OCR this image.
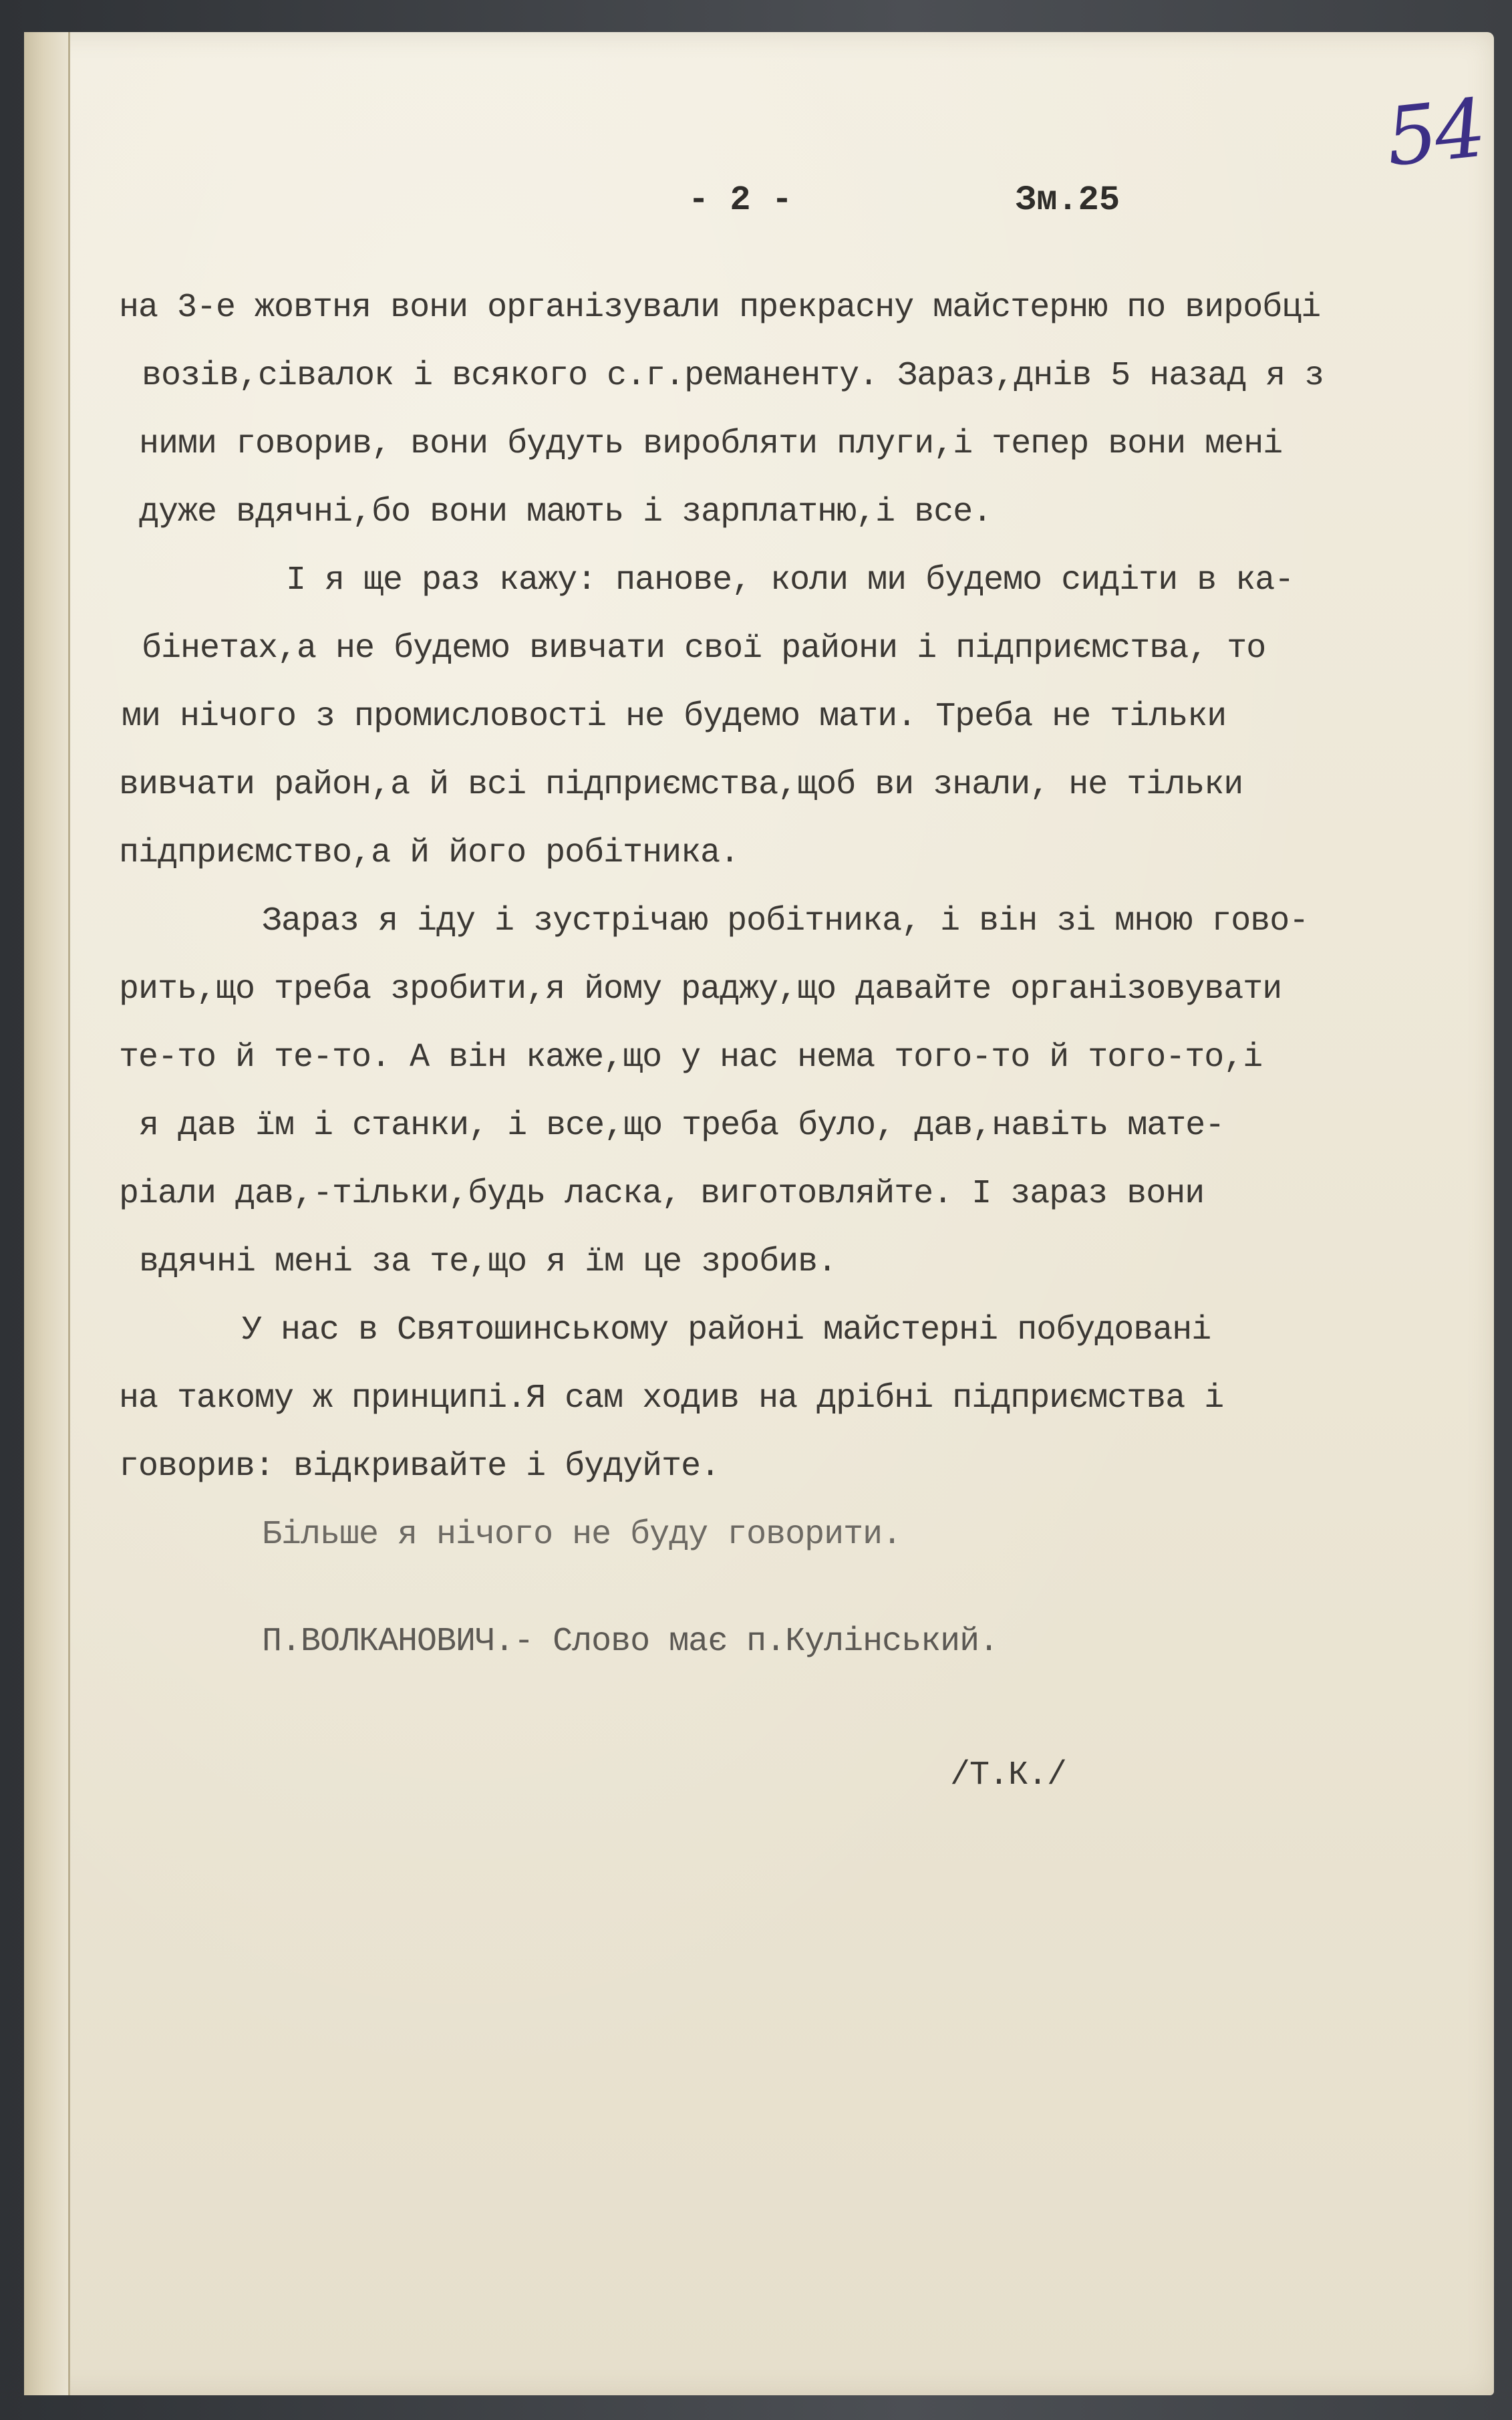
54
- 2 -	Зм.25
на 3-е жовтня вони організували прекрасну майстерню по виробці
возів,сівалок і всякого с.г.реманенту. Зараз,днів 5 назад я з
ними говорив, вони будуть виробляти плуги,і тепер вони мені
дуже вдячні,бо вони мають і зарплатню,і все.
І я ще раз кажу: панове, коли ми будемо сидіти в ка-
бінетах,а не будемо вивчати свої райони і підприємства, то
ми нічого з промисловості не будемо мати. Треба не тільки
вивчати район,а й всі підприємства,щоб ви знали, не тільки
підприємство,а й його робітника.
Зараз я іду і зустрічаю робітника, і він зі мною гово-
рить,що треба зробити,я йому раджу,що давайте організовувати
те-то й те-то. А він каже,що у нас нема того-то й того-то,і
я дав їм і станки, і все,що треба було, дав,навіть мате-
ріали дав,-тільки,будь ласка, виготовляйте. І зараз вони
вдячні мені за те,що я їм це зробив.
У нас в Святошинському районі майстерні побудовані
на такому ж принципі.Я сам ходив на дрібні підприємства і
говорив: відкривайте і будуйте.
Більше я нічого не буду говорити.
П.ВОЛКАНОВИЧ.- Слово має п.Кулінський.
/Т.К./
